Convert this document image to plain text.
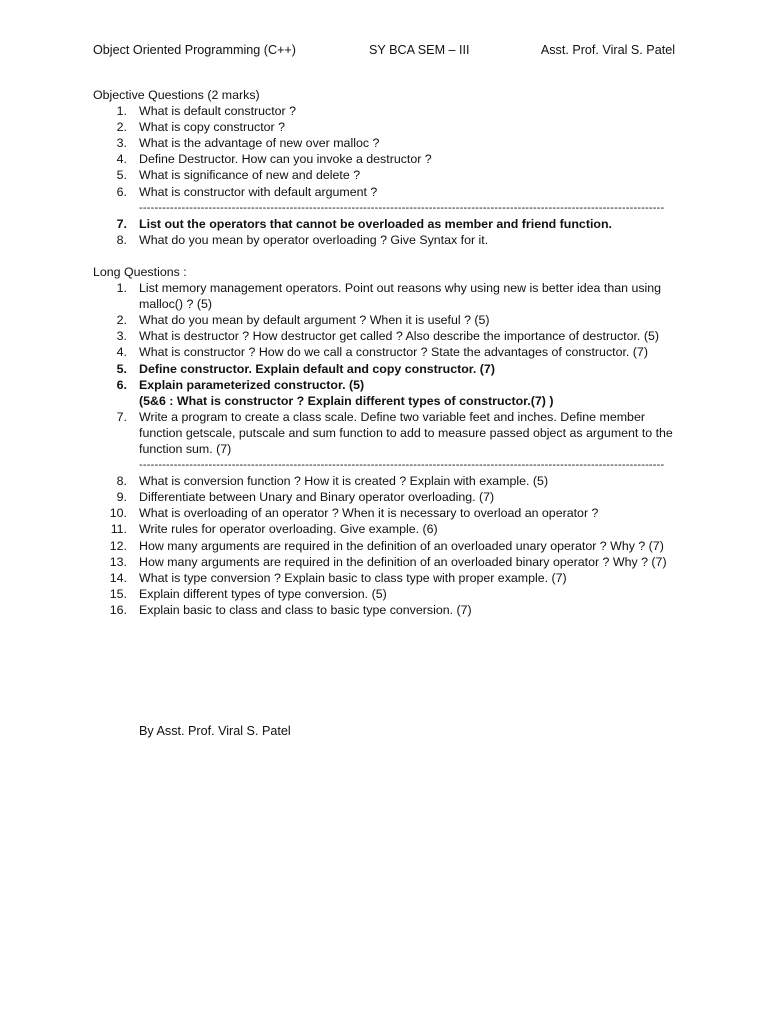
Object Oriented Programming (C++)	SY BCA SEM – III	Asst. Prof. Viral S. Patel
Objective Questions (2 marks)
1. What is default constructor ?
2. What is copy constructor ?
3. What is the advantage of new over malloc ?
4. Define Destructor. How can you invoke a destructor ?
5. What is significance of new and delete ?
6. What is constructor with default argument ?
----------------------------------------------------------------------------------------------------------------------------------------
7. List out the operators that cannot be overloaded as member and friend function.
8. What do you mean by operator overloading ? Give Syntax for it.
Long Questions :
1. List memory management operators. Point out reasons why using new is better idea than using malloc() ? (5)
2. What do you mean by default argument ? When it is useful ? (5)
3. What is destructor ? How destructor get called ? Also describe the importance of destructor. (5)
4. What is constructor ? How do we call a constructor ? State the advantages of constructor. (7)
5. Define constructor. Explain default and copy constructor. (7)
6. Explain parameterized constructor. (5)
(5&6 : What is constructor ? Explain different types of constructor.(7) )
7. Write a program to create a class scale. Define two variable feet and inches. Define member function getscale, putscale and sum function to add to measure passed object as argument to the function sum. (7)
----------------------------------------------------------------------------------------------------------------------------------------
8. What is conversion function ? How it is created ? Explain with example. (5)
9. Differentiate between Unary and Binary operator overloading. (7)
10. What is overloading of an operator ? When it is necessary to overload an operator ?
11. Write rules for operator overloading. Give example. (6)
12. How many arguments are required in the definition of an overloaded unary operator ? Why ? (7)
13. How many arguments are required in the definition of an overloaded binary operator ? Why ? (7)
14. What is type conversion ? Explain basic to class type with proper example. (7)
15. Explain different types of type conversion. (5)
16. Explain basic to class and class to basic type conversion. (7)
By Asst. Prof. Viral S. Patel
